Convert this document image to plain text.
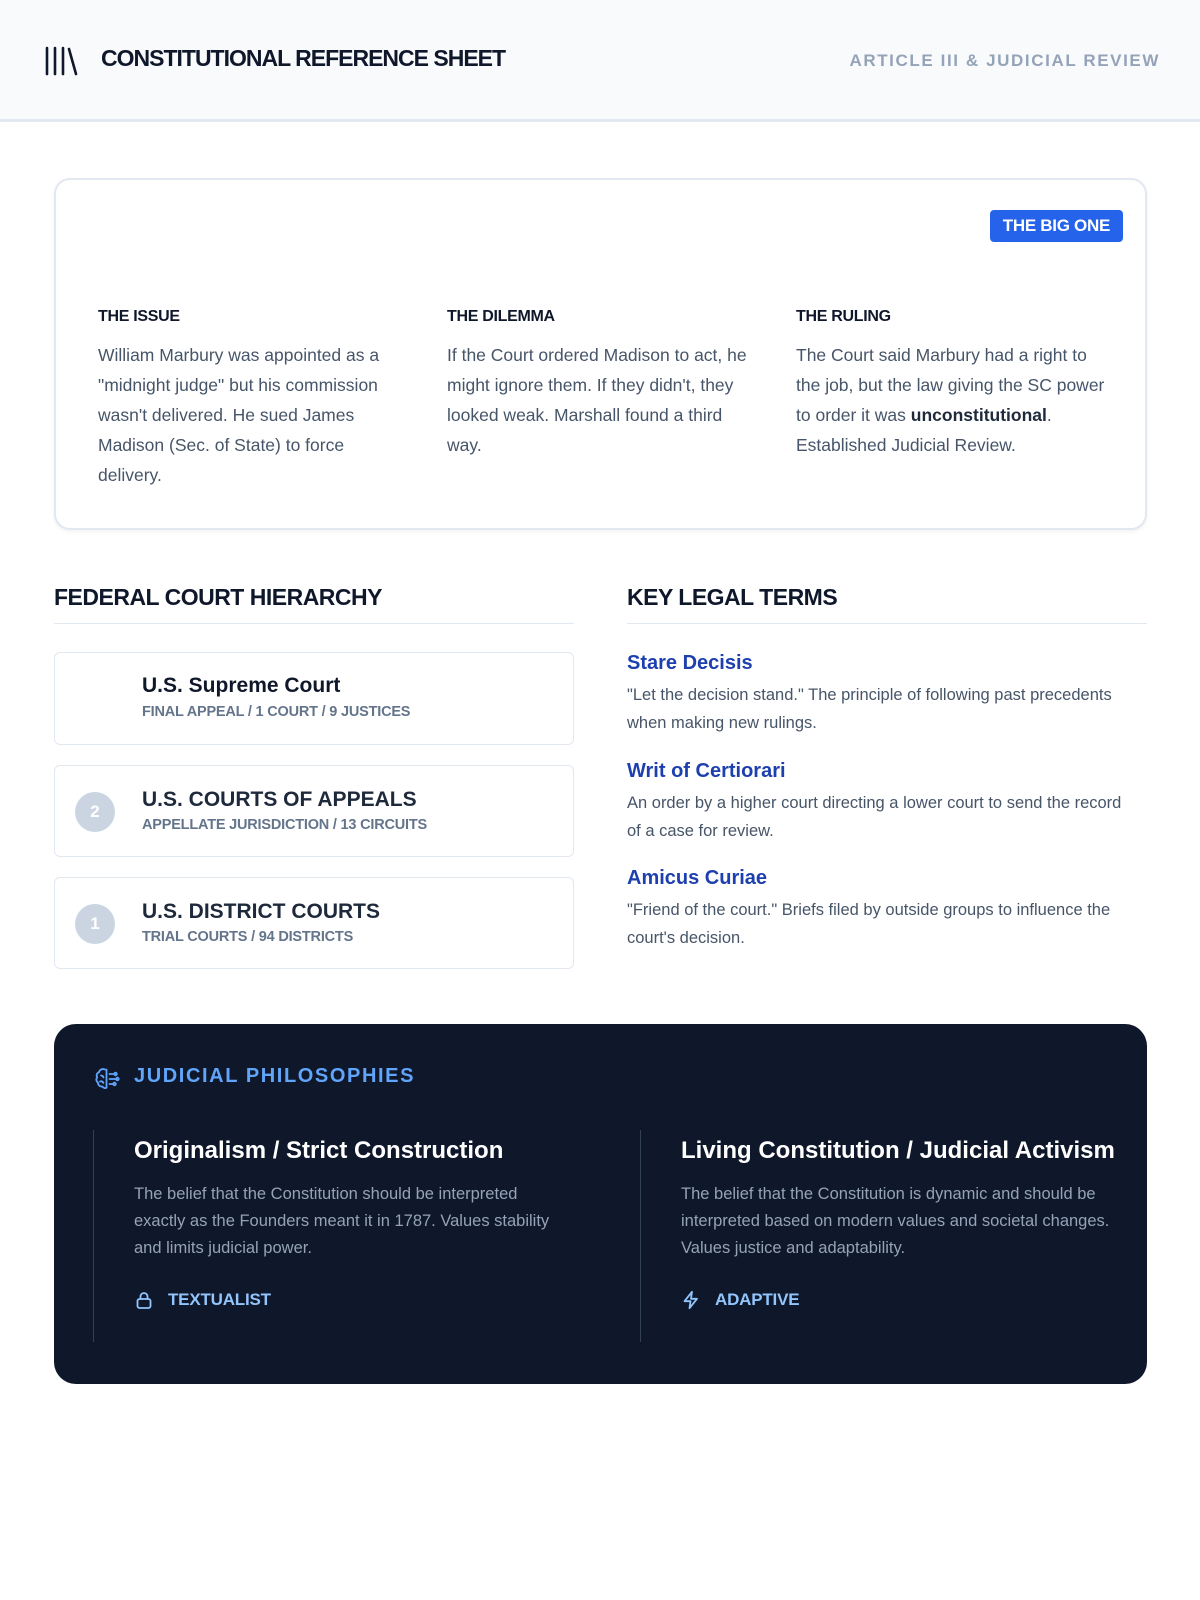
CONSTITUTIONAL REFERENCE SHEET	ARTICLE III & JUDICIAL REVIEW
THE BIG ONE
THE ISSUE
William Marbury was appointed as a "midnight judge" but his commission wasn't delivered. He sued James Madison (Sec. of State) to force delivery.
THE DILEMMA
If the Court ordered Madison to act, he might ignore them. If they didn't, they looked weak. Marshall found a third way.
THE RULING
The Court said Marbury had a right to the job, but the law giving the SC power to order it was unconstitutional. Established Judicial Review.
FEDERAL COURT HIERARCHY
U.S. Supreme Court
FINAL APPEAL / 1 COURT / 9 JUSTICES
2
U.S. COURTS OF APPEALS
APPELLATE JURISDICTION / 13 CIRCUITS
1
U.S. DISTRICT COURTS
TRIAL COURTS / 94 DISTRICTS
KEY LEGAL TERMS
Stare Decisis
"Let the decision stand." The principle of following past precedents when making new rulings.
Writ of Certiorari
An order by a higher court directing a lower court to send the record of a case for review.
Amicus Curiae
"Friend of the court." Briefs filed by outside groups to influence the court's decision.
JUDICIAL PHILOSOPHIES
Originalism / Strict Construction
The belief that the Constitution should be interpreted exactly as the Founders meant it in 1787. Values stability and limits judicial power.
TEXTUALIST
Living Constitution / Judicial Activism
The belief that the Constitution is dynamic and should be interpreted based on modern values and societal changes. Values justice and adaptability.
ADAPTIVE
